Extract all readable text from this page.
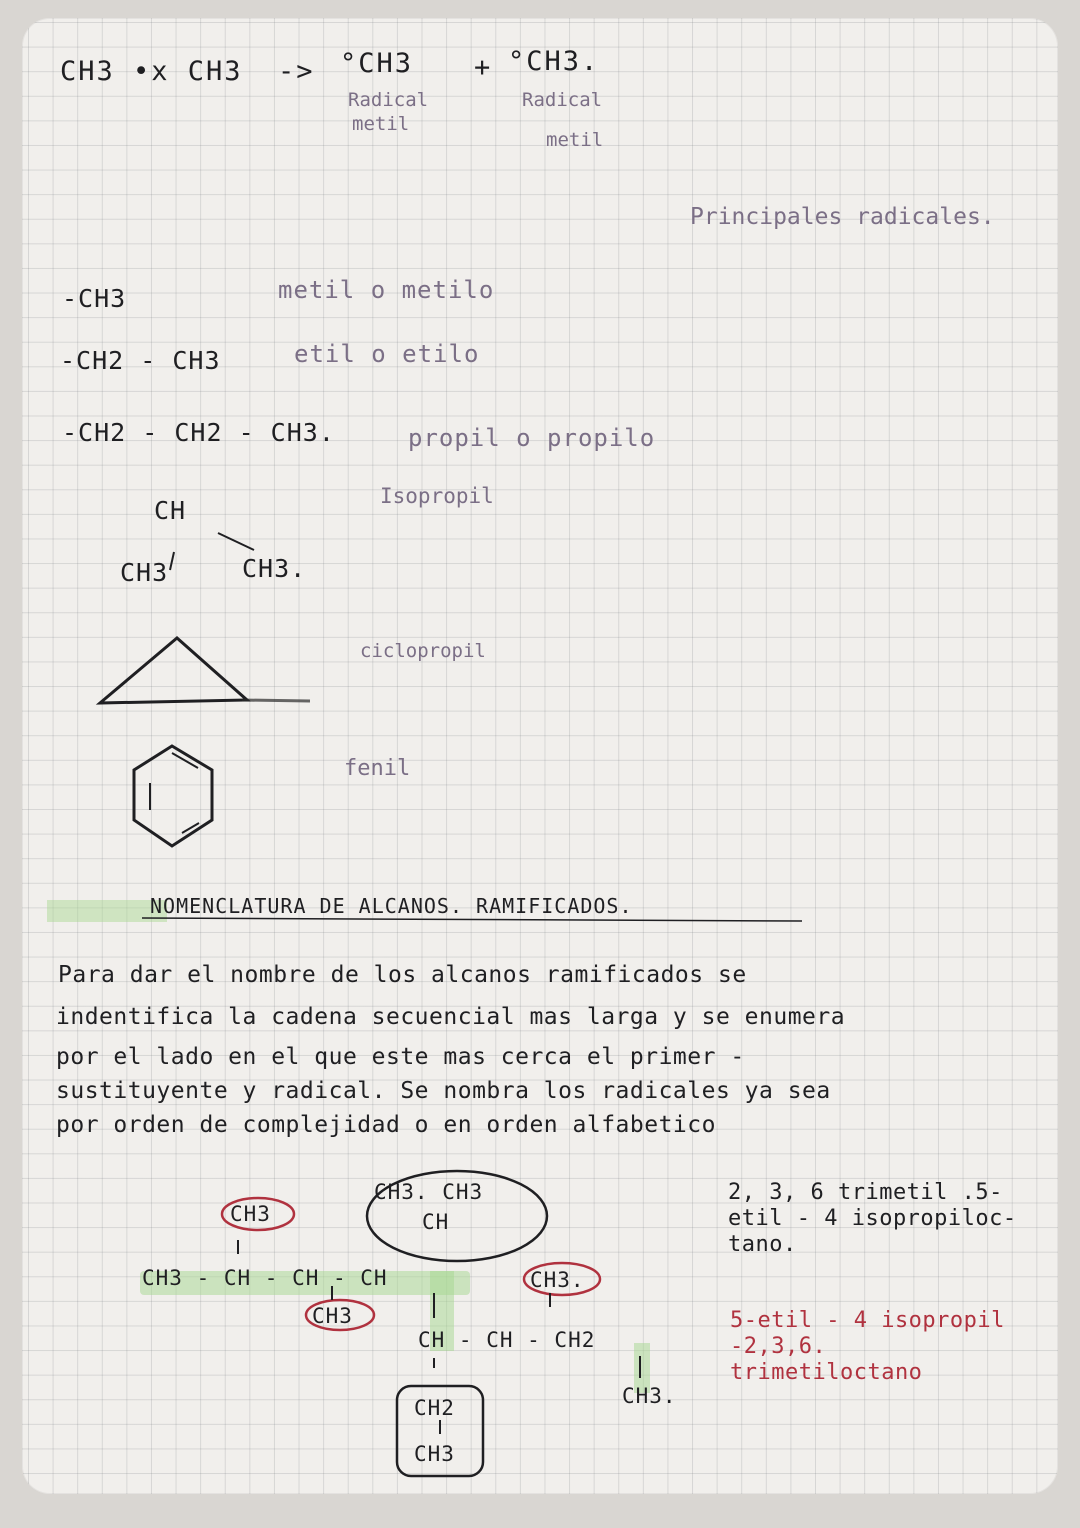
CH3 •x CH3 -> °CH3 + °CH3.
Radical
metil
Radical
metil
Principales radicales.
-CH3	metil o metilo
-CH2 - CH3	etil o etilo
-CH2 - CH2 - CH3.	propil o propilo
CH
CH3	CH3.
Isopropil
ciclopropil
fenil
NOMENCLATURA DE ALCANOS. RAMIFICADOS.
Para dar el nombre de los alcanos ramificados se
indentifica la cadena secuencial mas larga y se enumera
por el lado en el que este mas cerca el primer -
sustituyente y radical. Se nombra los radicales ya sea
por orden de complejidad o en orden alfabetico
CH3
CH3 - CH - CH - CH
CH3
CH3. CH3
CH
CH - CH - CH2
CH3.
CH2
CH3
CH3.
2, 3, 6 trimetil .5- etil - 4 isopropiloc- tano.
5-etil - 4 isopropil -2,3,6. trimetiloctano
